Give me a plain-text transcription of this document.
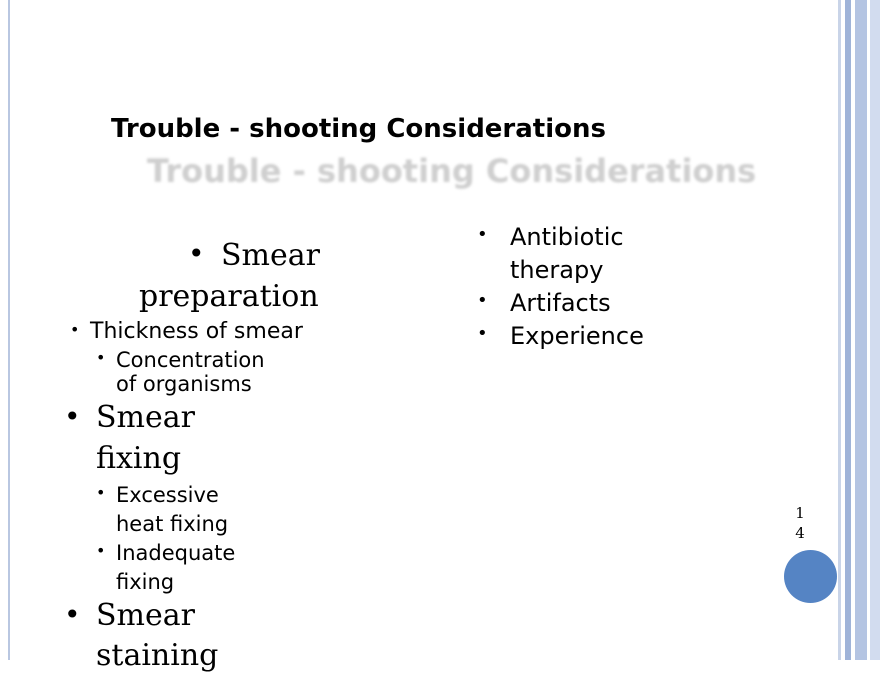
Trouble - shooting Considerations
Trouble - shooting Considerations
• Smear
preparation
• Thickness of smear
• Concentration
of organisms
• Smear
fixing
• Excessive
heat fixing
• Inadequate
fixing
• Smear
staining
• Antibiotic
therapy
• Artifacts
• Experience
1
4
